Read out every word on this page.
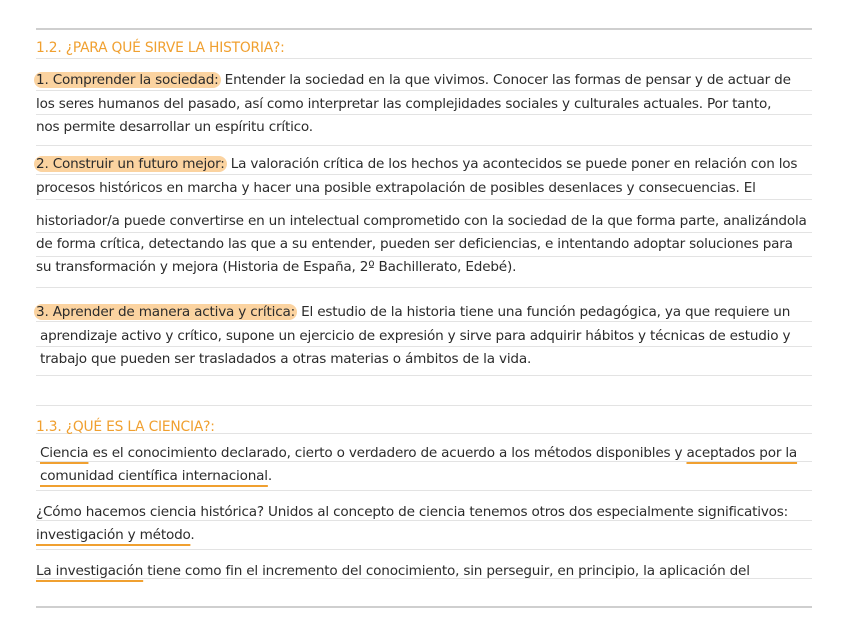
1.2. ¿PARA QUÉ SIRVE LA HISTORIA?:
1. Comprender la sociedad: Entender la sociedad en la que vivimos. Conocer las formas de pensar y de actuar de
los seres humanos del pasado, así como interpretar las complejidades sociales y culturales actuales. Por tanto,
nos permite desarrollar un espíritu crítico.
2. Construir un futuro mejor: La valoración crítica de los hechos ya acontecidos se puede poner en relación con los
procesos históricos en marcha y hacer una posible extrapolación de posibles desenlaces y consecuencias. El
historiador/a puede convertirse en un intelectual comprometido con la sociedad de la que forma parte, analizándola
de forma crítica, detectando las que a su entender, pueden ser deficiencias, e intentando adoptar soluciones para
su transformación y mejora (Historia de España, 2º Bachillerato, Edebé).
3. Aprender de manera activa y crítica: El estudio de la historia tiene una función pedagógica, ya que requiere un
aprendizaje activo y crítico, supone un ejercicio de expresión y sirve para adquirir hábitos y técnicas de estudio y
trabajo que pueden ser trasladados a otras materias o ámbitos de la vida.
1.3. ¿QUÉ ES LA CIENCIA?:
Ciencia es el conocimiento declarado, cierto o verdadero de acuerdo a los métodos disponibles y aceptados por la
comunidad científica internacional.
¿Cómo hacemos ciencia histórica? Unidos al concepto de ciencia tenemos otros dos especialmente significativos:
investigación y método.
La investigación tiene como fin el incremento del conocimiento, sin perseguir, en principio, la aplicación del
